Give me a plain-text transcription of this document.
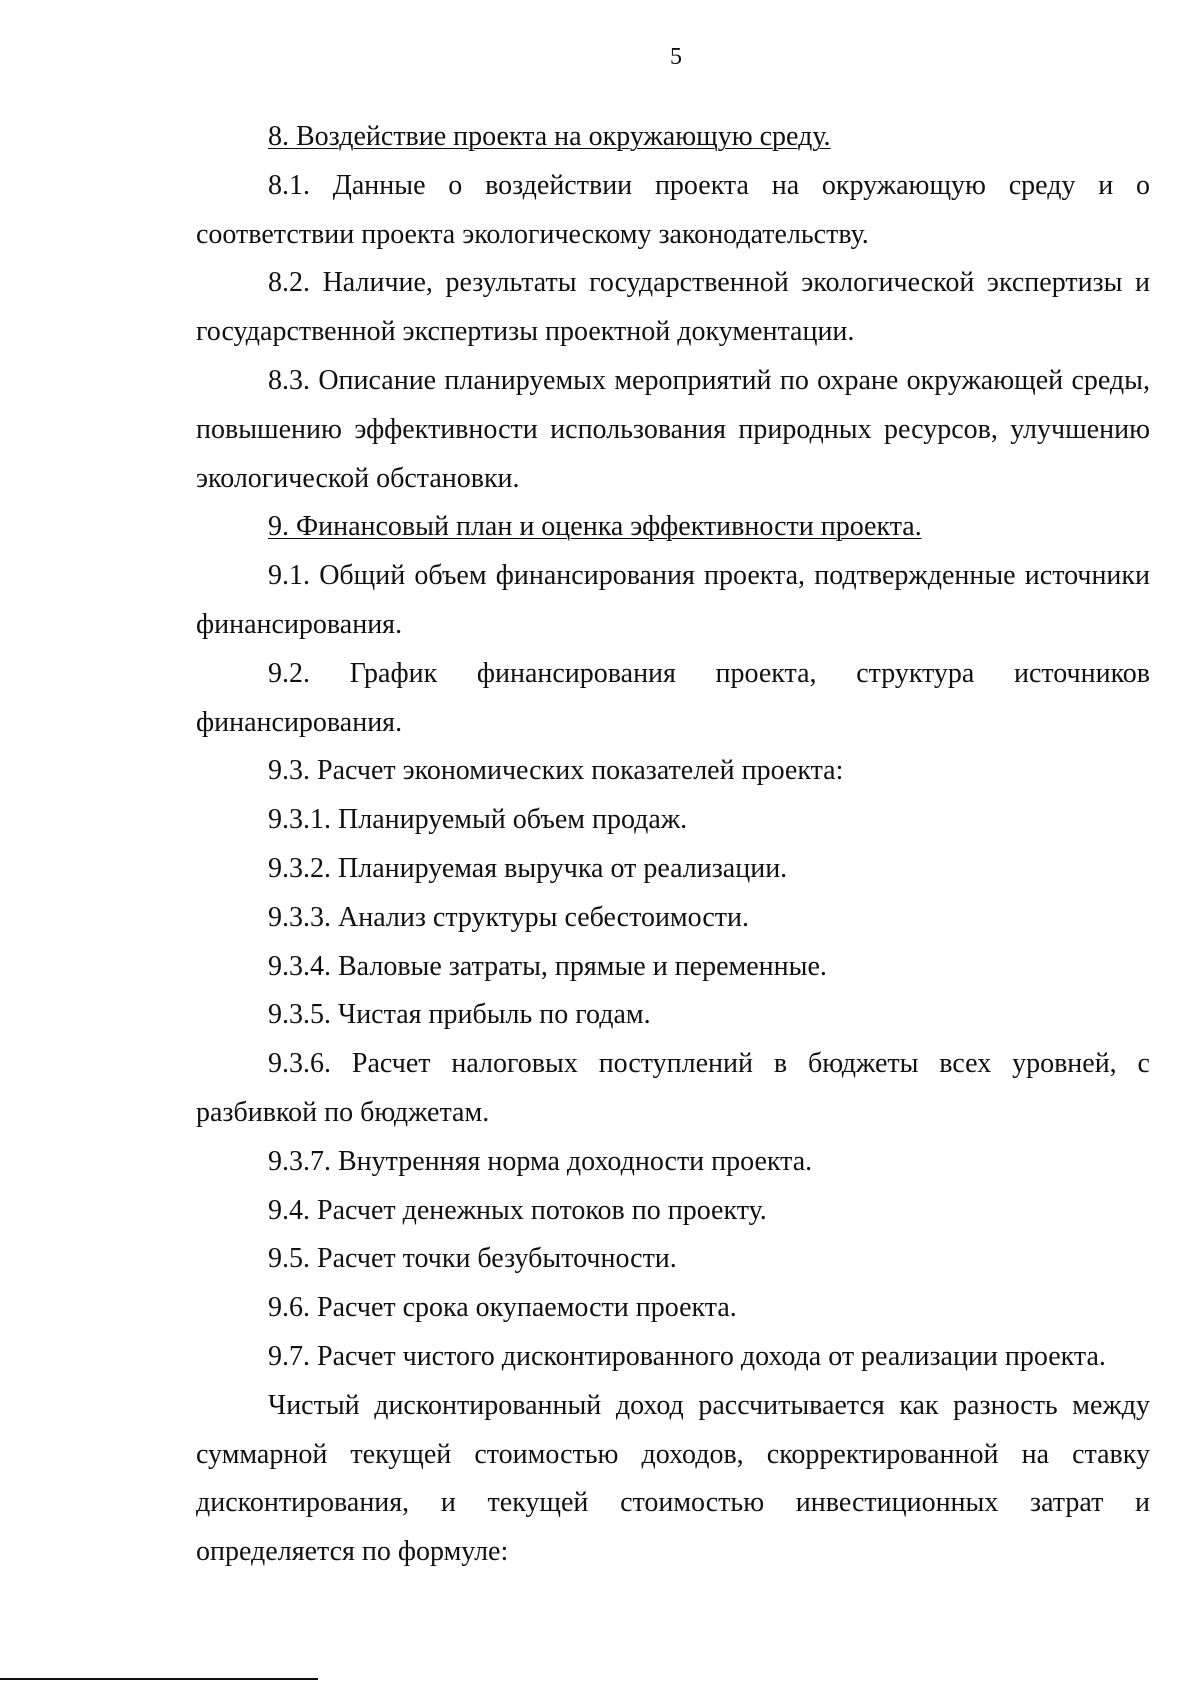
5

8. Воздействие проекта на окружающую среду.

8.1. Данные о воздействии проекта на окружающую среду и о соответствии проекта экологическому законодательству.

8.2. Наличие, результаты государственной экологической экспертизы и государственной экспертизы проектной документации.

8.3. Описание планируемых мероприятий по охране окружающей среды, повышению эффективности использования природных ресурсов, улучшению экологической обстановки.

9. Финансовый план и оценка эффективности проекта.

9.1. Общий объем финансирования проекта, подтвержденные источники финансирования.

9.2. График финансирования проекта, структура источников финансирования.

9.3. Расчет экономических показателей проекта:

9.3.1. Планируемый объем продаж.

9.3.2. Планируемая выручка от реализации.

9.3.3. Анализ структуры себестоимости.

9.3.4. Валовые затраты, прямые и переменные.

9.3.5. Чистая прибыль по годам.

9.3.6. Расчет налоговых поступлений в бюджеты всех уровней, с разбивкой по бюджетам.

9.3.7. Внутренняя норма доходности проекта.

9.4. Расчет денежных потоков по проекту.

9.5. Расчет точки безубыточности.

9.6. Расчет срока окупаемости проекта.

9.7. Расчет чистого дисконтированного дохода от реализации проекта.

Чистый дисконтированный доход рассчитывается как разность между суммарной текущей стоимостью доходов, скорректированной на ставку дисконтирования, и текущей стоимостью инвестиционных затрат и определяется по формуле:
